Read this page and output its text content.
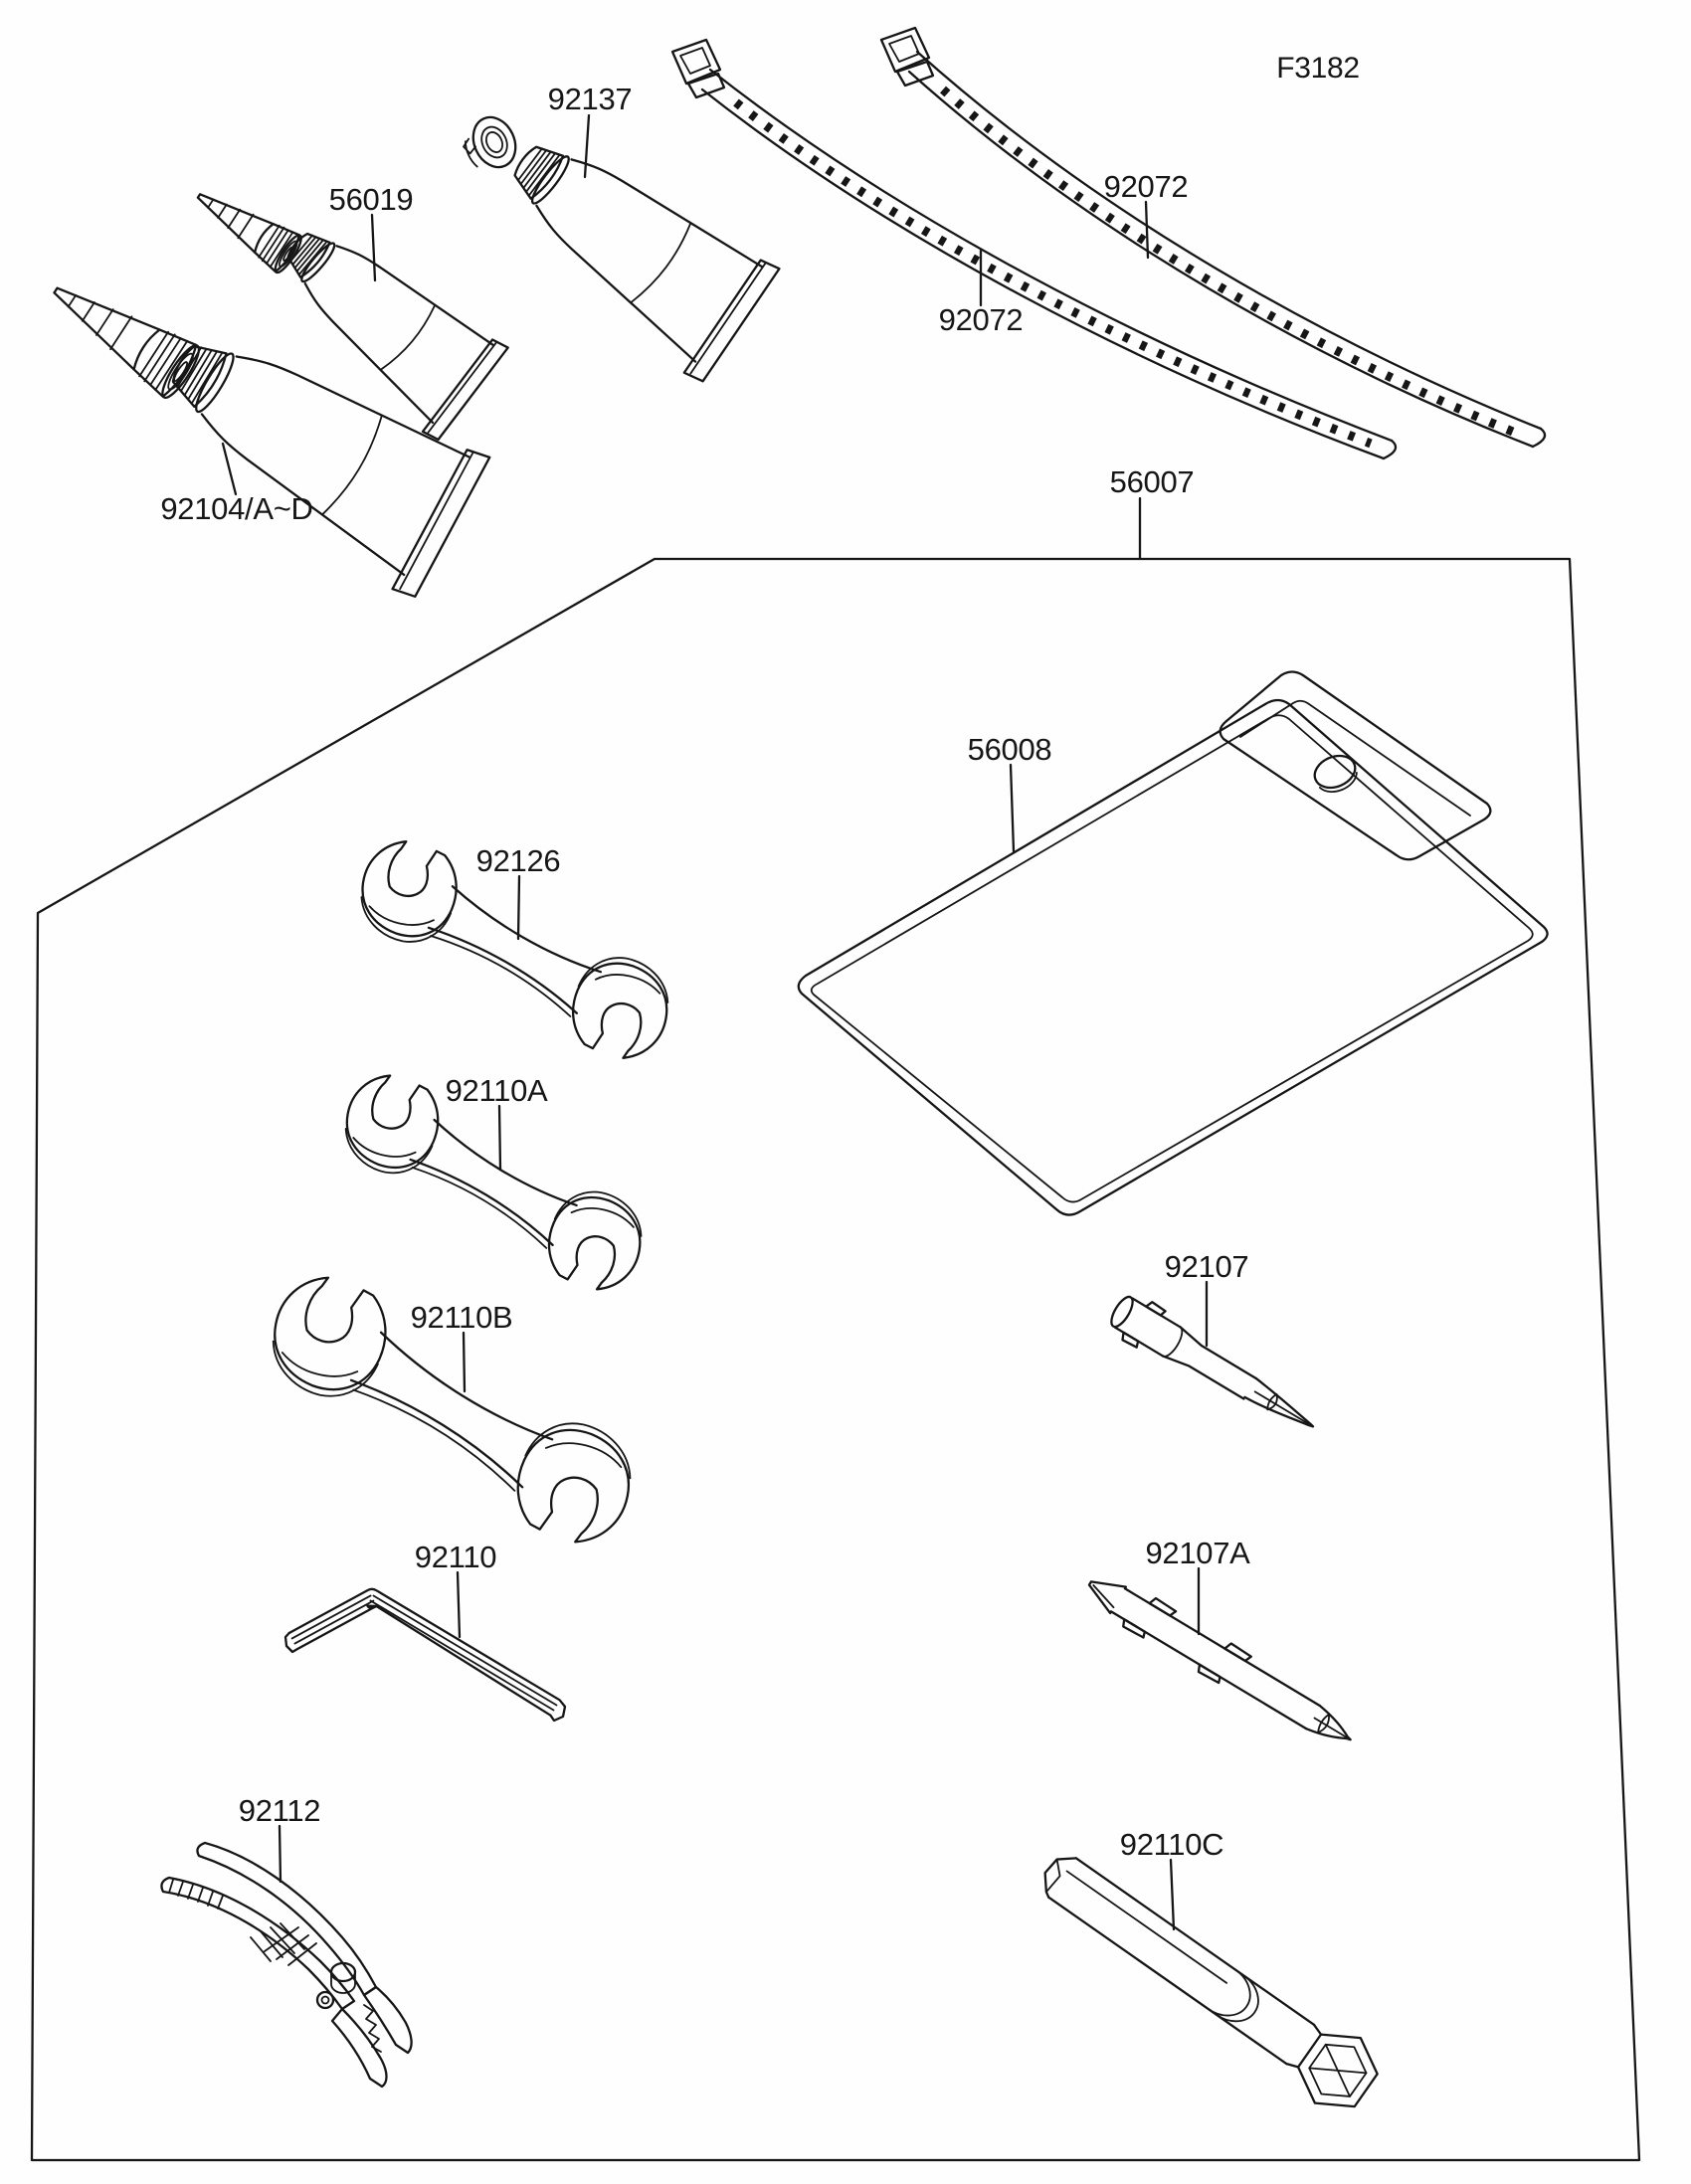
F3182
92137
56019
92104/A~D
92072
92072
56007
56008
92126
92110A
92110B
92110
92112
92107
92107A
92110C
